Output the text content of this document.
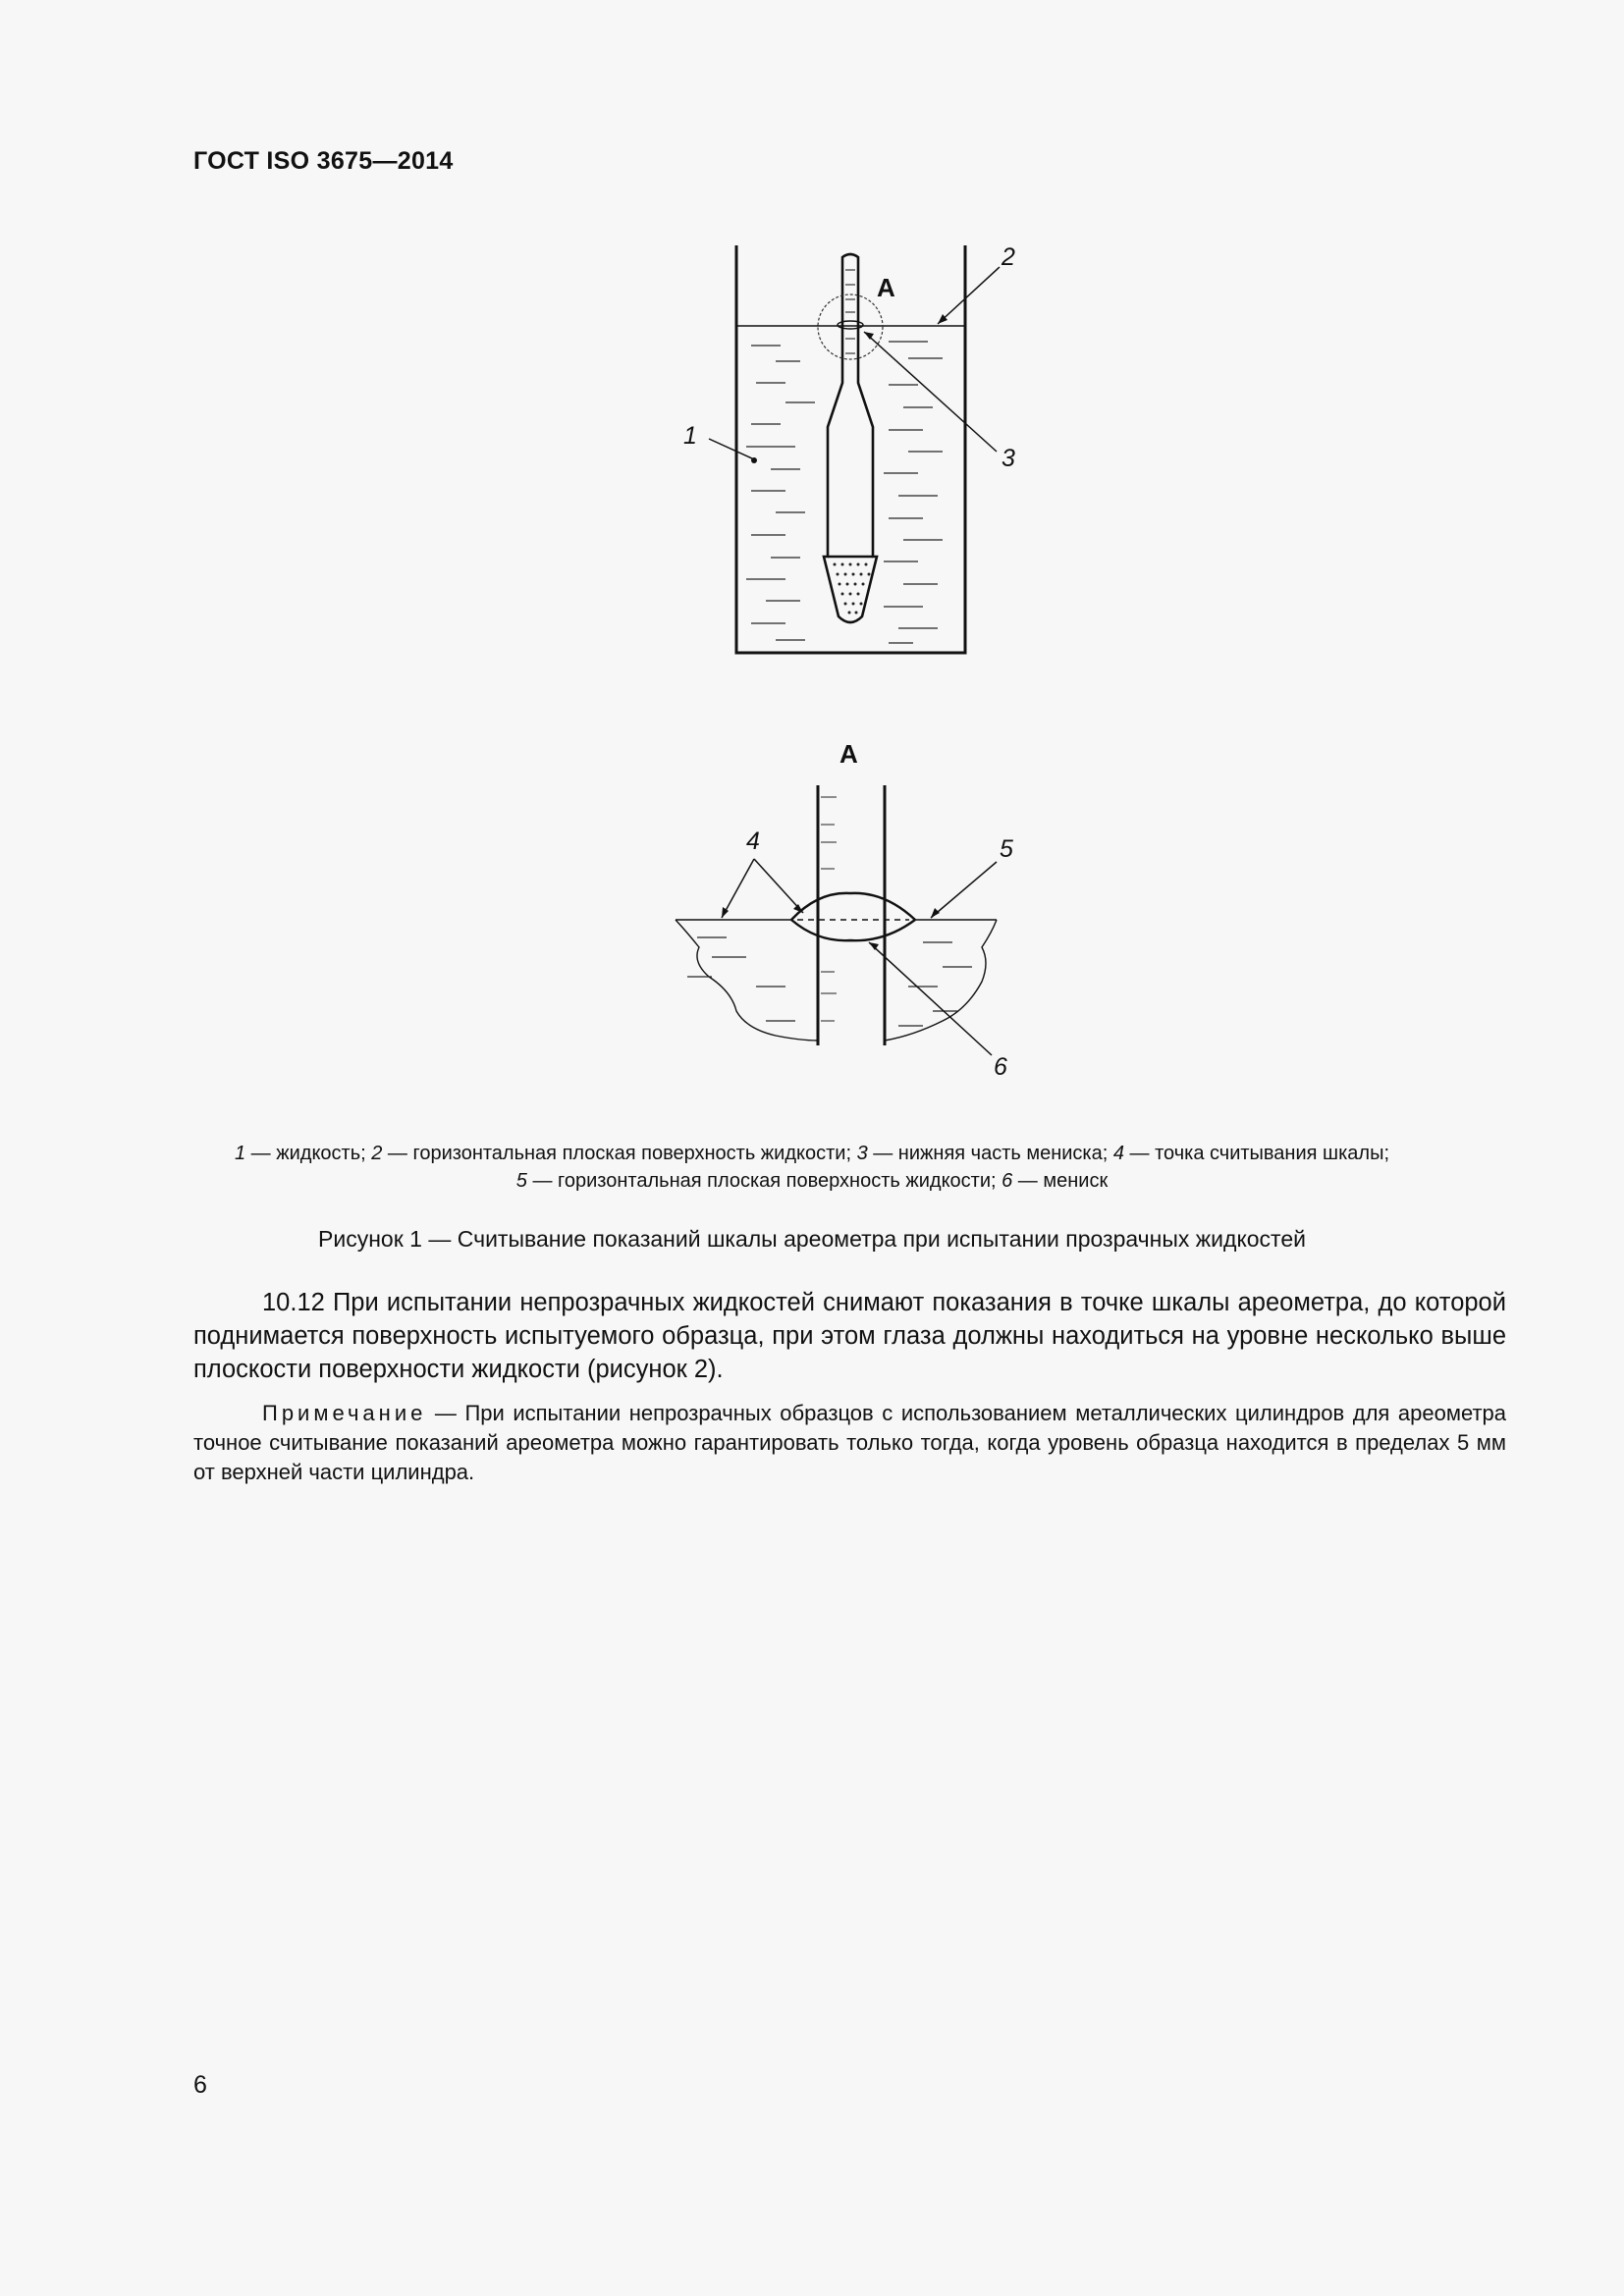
ГОСТ ISO 3675—2014
А
2
1
3
А
4	5
6
1 — жидкость; 2 — горизонтальная плоская поверхность жидкости; 3 — нижняя часть мениска; 4 — точка считывания шкалы;
5 — горизонтальная плоская поверхность жидкости; 6 — мениск
Рисунок 1 — Считывание показаний шкалы ареометра при испытании прозрачных жидкостей
10.12 При испытании непрозрачных жидкостей снимают показания в точке шкалы ареометра, до которой поднимается поверхность испытуемого образца, при этом глаза должны находиться на уровне несколько выше плоскости поверхности жидкости (рисунок 2).
Примечание — При испытании непрозрачных образцов с использованием металлических цилиндров для ареометра точное считывание показаний ареометра можно гарантировать только тогда, когда уровень образца находится в пределах 5 мм от верхней части цилиндра.
6
